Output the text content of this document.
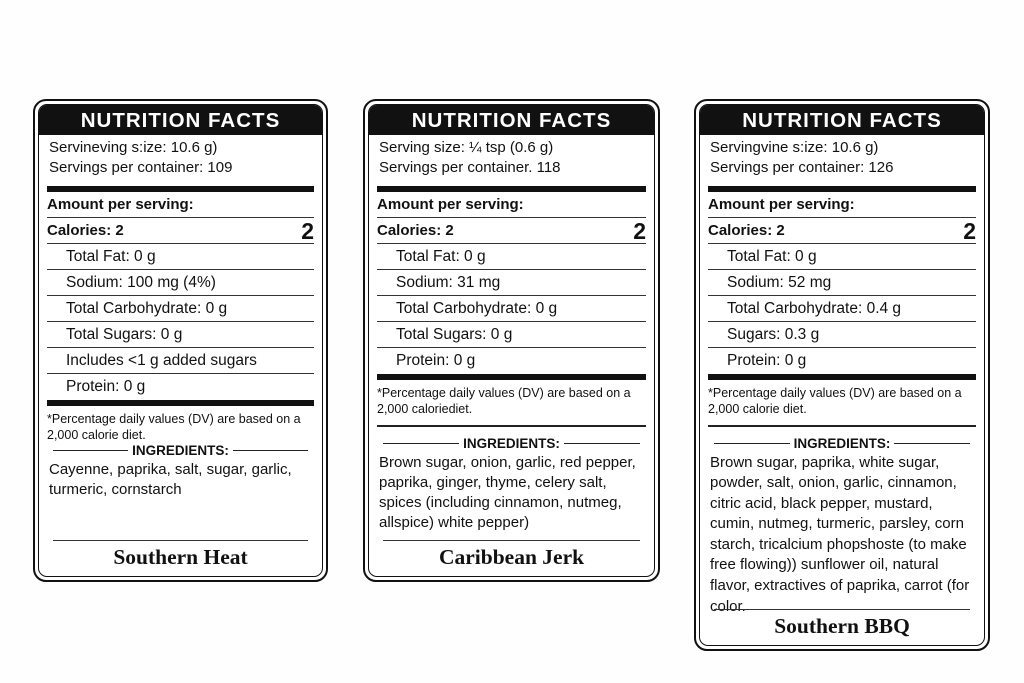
NUTRITION FACTS
Servineving s:ize: 10.6 g)
Servings per container: 109
Amount per serving:
Calories: 2	2
Total Fat: 0 g
Sodium: 100 mg (4%)
Total Carbohydrate: 0 g
Total Sugars: 0 g
Includes <1 g added sugars
Protein: 0 g
*Percentage daily values (DV) are based on a 2,000 calorie diet.
INGREDIENTS:
Cayenne, paprika, salt, sugar, garlic, turmeric, cornstarch
Southern Heat
NUTRITION FACTS
Serving size: ¼ tsp (0.6 g)
Servings per container. 118
Amount per serving:
Calories: 2	2
Total Fat: 0 g
Sodium: 31 mg
Total Carbohydrate: 0 g
Total Sugars: 0 g
Protein: 0 g
*Percentage daily values (DV) are based on a 2,000 caloriediet.
INGREDIENTS:
Brown sugar, onion, garlic, red pepper, paprika, ginger, thyme, celery salt, spices (including cinnamon, nutmeg, allspice) white pepper)
Caribbean Jerk
NUTRITION FACTS
Servingvine s:ize: 10.6 g)
Servings per container: 126
Amount per serving:
Calories: 2	2
Total Fat: 0 g
Sodium: 52 mg
Total Carbohydrate: 0.4 g
Sugars: 0.3 g
Protein: 0 g
*Percentage daily values (DV) are based on a 2,000 calorie diet.
INGREDIENTS:
Brown sugar, paprika, white sugar, powder, salt, onion, garlic, cinnamon, citric acid, black pepper, mustard, cumin, nutmeg, turmeric, parsley, corn starch, tricalcium phopshoste (to make free flowing)) sunflower oil, natural flavor, extractives of paprika, carrot (for color.
Southern BBQ
